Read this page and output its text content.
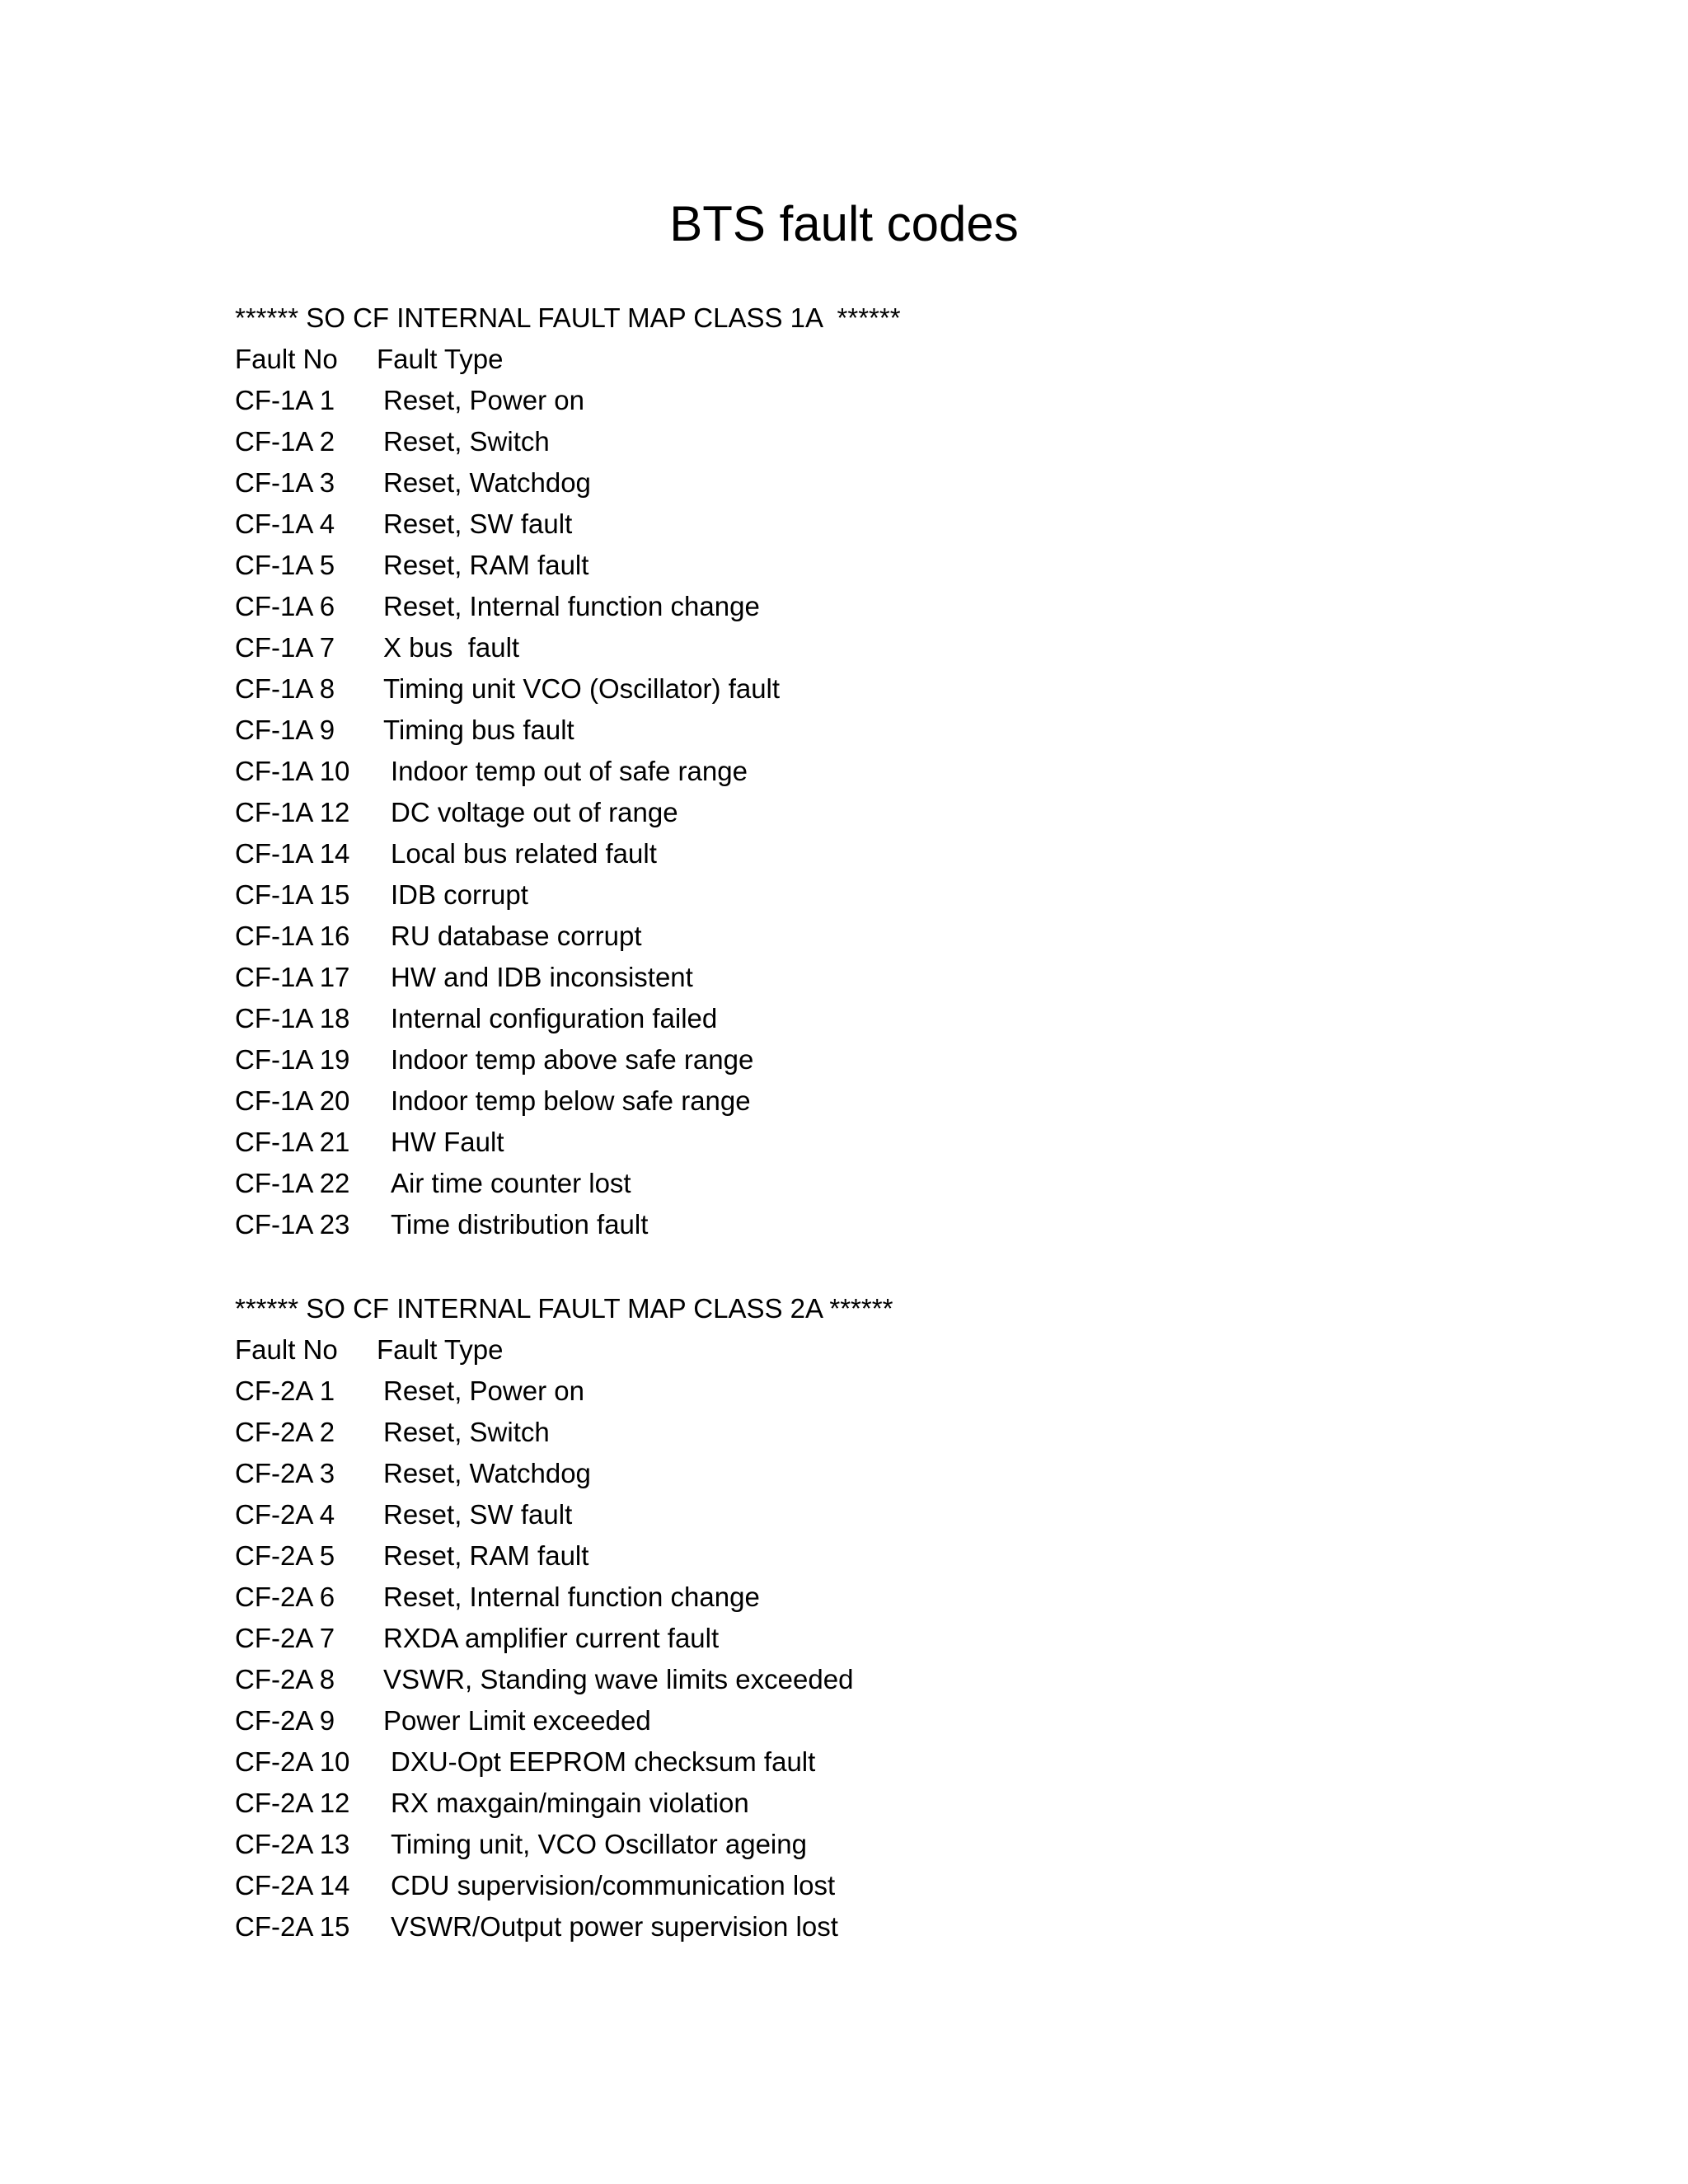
BTS fault codes
****** SO CF INTERNAL FAULT MAP CLASS 1A  ******
Fault No Fault Type
CF-1A 1 Reset, Power on
CF-1A 2 Reset, Switch
CF-1A 3 Reset, Watchdog
CF-1A 4 Reset, SW fault
CF-1A 5 Reset, RAM fault
CF-1A 6 Reset, Internal function change
CF-1A 7 X bus  fault
CF-1A 8 Timing unit VCO (Oscillator) fault
CF-1A 9 Timing bus fault
CF-1A 10 Indoor temp out of safe range
CF-1A 12 DC voltage out of range
CF-1A 14 Local bus related fault
CF-1A 15 IDB corrupt
CF-1A 16 RU database corrupt
CF-1A 17 HW and IDB inconsistent
CF-1A 18 Internal configuration failed
CF-1A 19 Indoor temp above safe range
CF-1A 20 Indoor temp below safe range
CF-1A 21 HW Fault
CF-1A 22 Air time counter lost
CF-1A 23 Time distribution fault
****** SO CF INTERNAL FAULT MAP CLASS 2A ******
Fault No Fault Type
CF-2A 1 Reset, Power on
CF-2A 2 Reset, Switch
CF-2A 3 Reset, Watchdog
CF-2A 4 Reset, SW fault
CF-2A 5 Reset, RAM fault
CF-2A 6 Reset, Internal function change
CF-2A 7 RXDA amplifier current fault
CF-2A 8 VSWR, Standing wave limits exceeded
CF-2A 9 Power Limit exceeded
CF-2A 10 DXU-Opt EEPROM checksum fault
CF-2A 12 RX maxgain/mingain violation
CF-2A 13 Timing unit, VCO Oscillator ageing
CF-2A 14 CDU supervision/communication lost
CF-2A 15 VSWR/Output power supervision lost
